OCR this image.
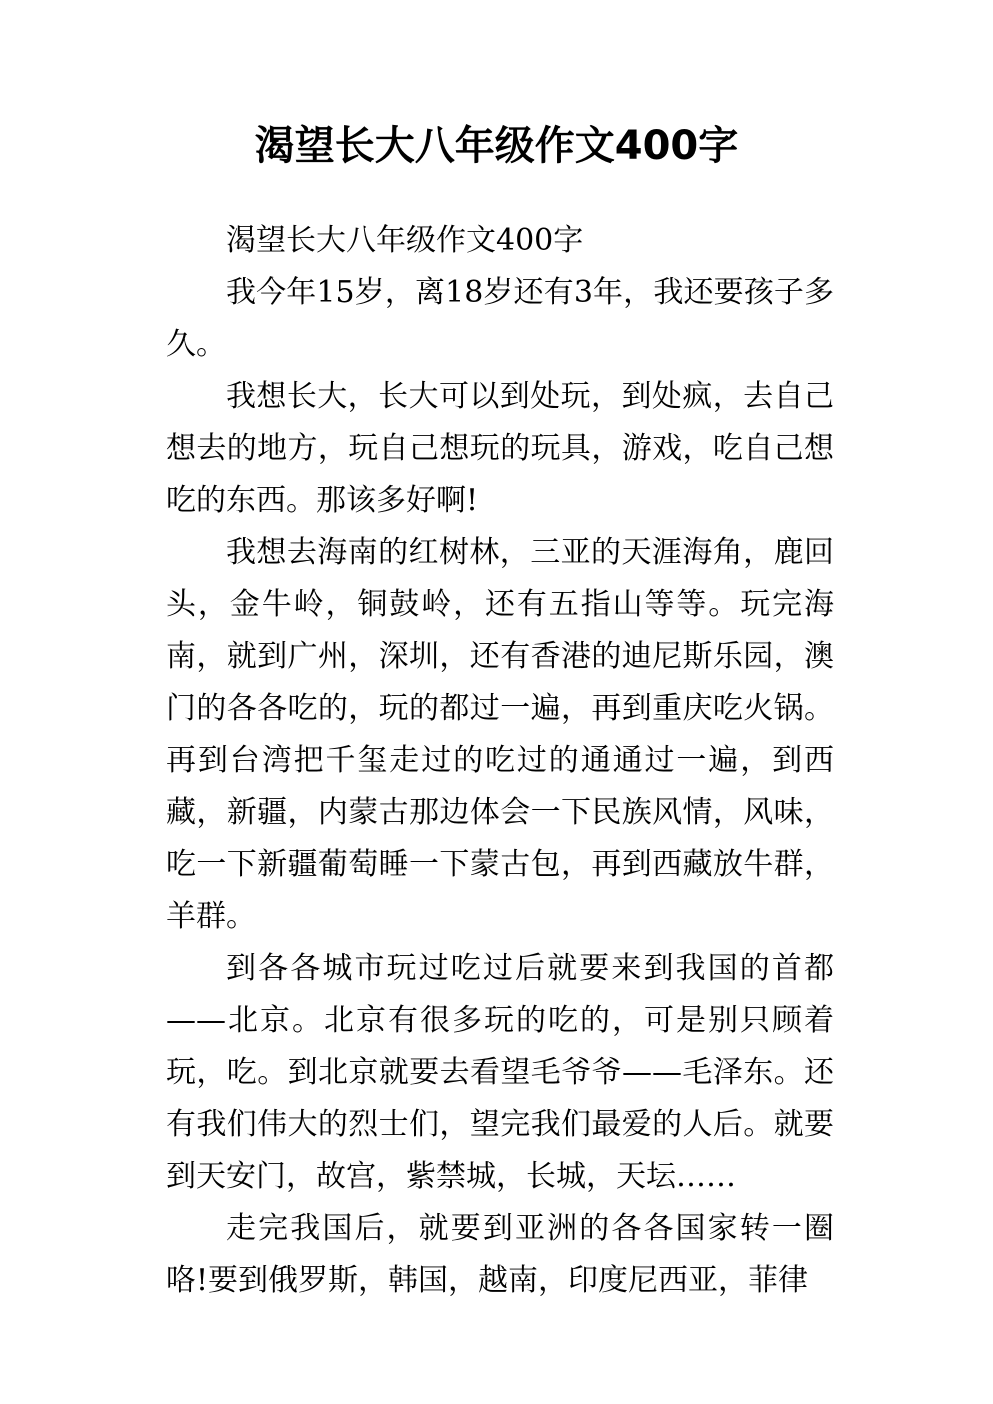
渴望长大八年级作文400字

渴望长大八年级作文400字

我今年15岁，离18岁还有3年，我还要孩子多久。

我想长大，长大可以到处玩，到处疯，去自己想去的地方，玩自己想玩的玩具，游戏，吃自己想吃的东西。那该多好啊!

我想去海南的红树林，三亚的天涯海角，鹿回头，金牛岭，铜鼓岭，还有五指山等等。玩完海南，就到广州，深圳，还有香港的迪尼斯乐园，澳门的各各吃的，玩的都过一遍，再到重庆吃火锅。再到台湾把千玺走过的吃过的通通过一遍，到西藏，新疆，内蒙古那边体会一下民族风情，风味，吃一下新疆葡萄睡一下蒙古包，再到西藏放牛群，羊群。

到各各城市玩过吃过后就要来到我国的首都——北京。北京有很多玩的吃的，可是别只顾着玩，吃。到北京就要去看望毛爷爷——毛泽东。还有我们伟大的烈士们，望完我们最爱的人后。就要到天安门，故宫，紫禁城，长城，天坛……

走完我国后，就要到亚洲的各各国家转一圈咯!要到俄罗斯，韩国，越南，印度尼西亚，菲律
